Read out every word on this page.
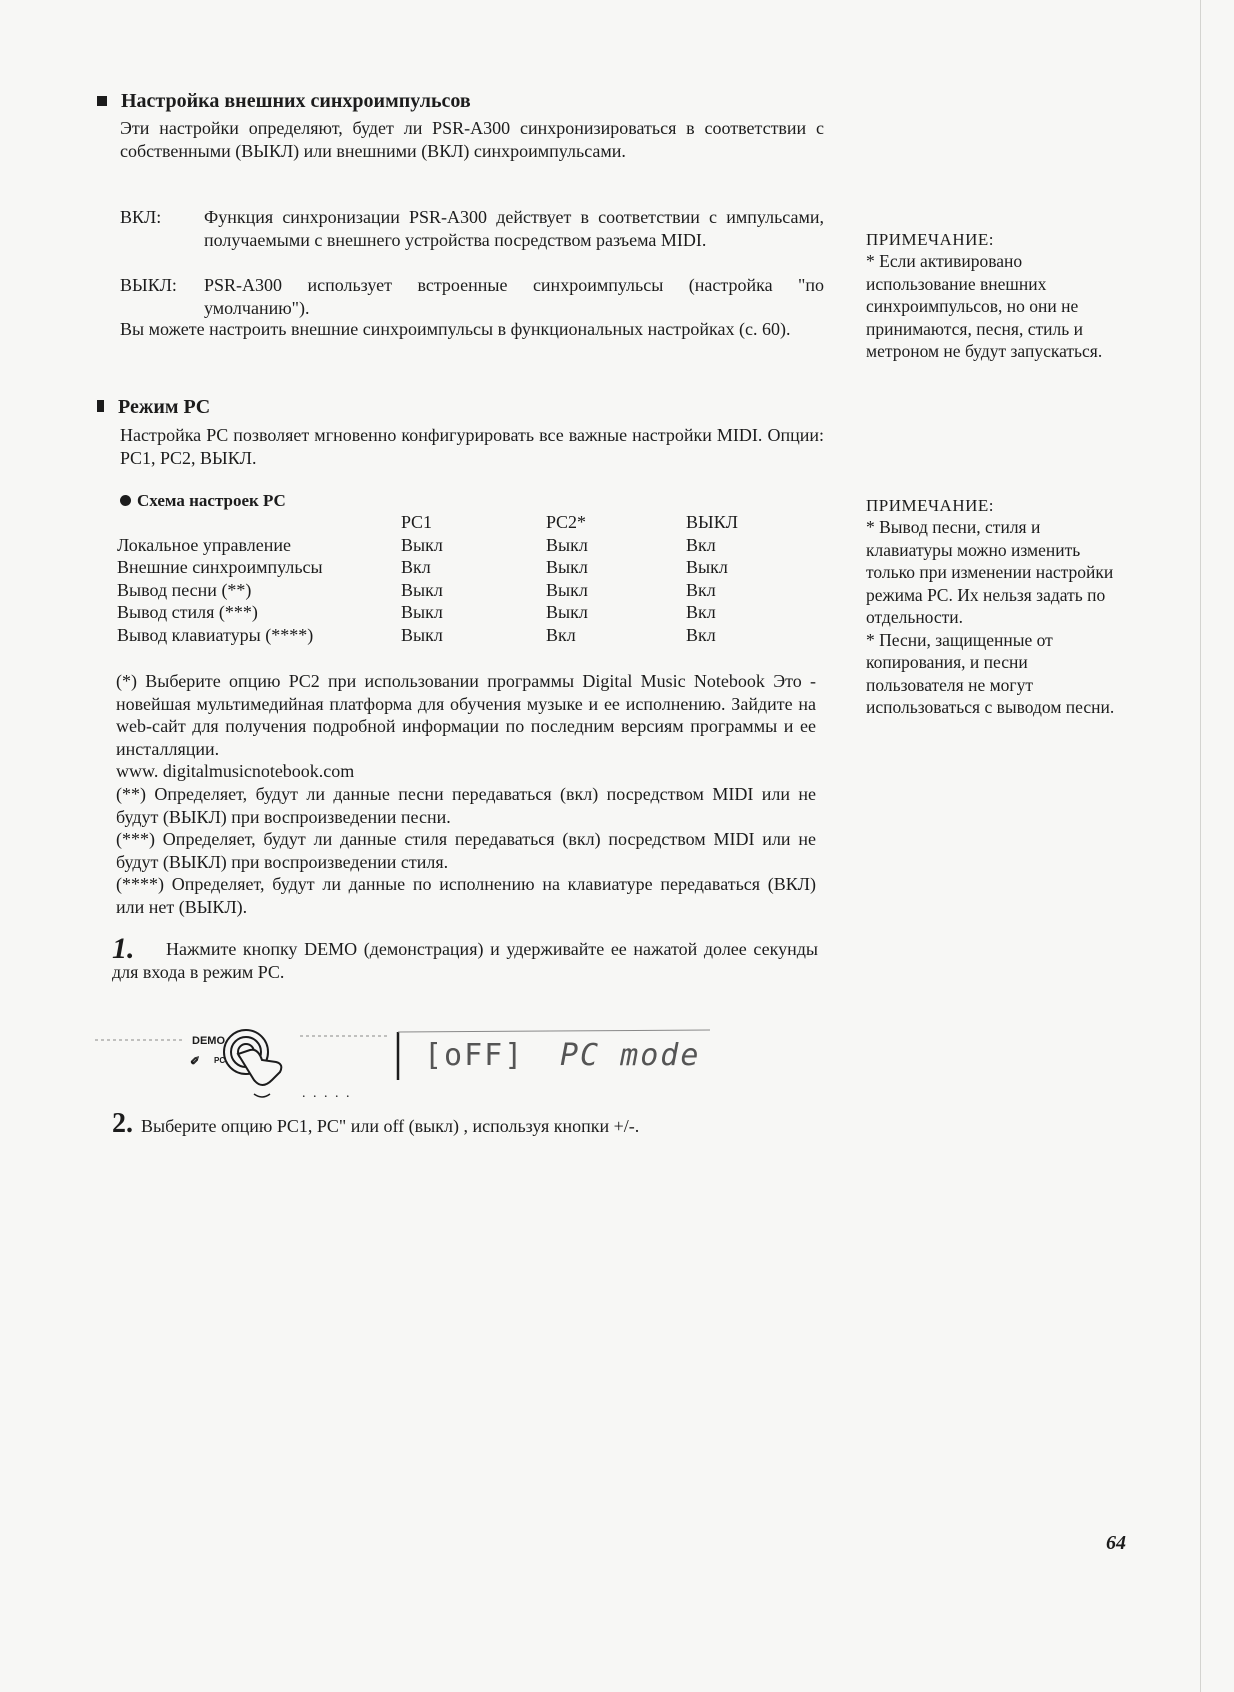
Настройка внешних синхроимпульсов

Эти настройки определяют, будет ли PSR-A300 синхронизироваться в соответствии с собственными (ВЫКЛ) или внешними (ВКЛ) синхроимпульсами.

ВКЛ: Функция синхронизации PSR-A300 действует в соответствии с импульсами, получаемыми с внешнего устройства посредством разъема MIDI.

ВЫКЛ: PSR-A300 использует встроенные синхроимпульсы (настройка "по умолчанию").

Вы можете настроить внешние синхроимпульсы в функциональных настройках (с. 60).

ПРИМЕЧАНИЕ:

* Если активировано использование внешних синхроимпульсов, но они не принимаются, песня, стиль и метроном не будут запускаться.

Режим PC

Настройка PC позволяет мгновенно конфигурировать все важные настройки MIDI. Опции: PC1, PC2, ВЫКЛ.

Схема настроек PC
	PC1	PC2*	ВЫКЛ
Локальное управление	Выкл	Выкл	Вкл
Внешние синхроимпульсы	Вкл	Выкл	Выкл
Вывод песни (**)	Выкл	Выкл	Вкл
Вывод стиля (***)	Выкл	Выкл	Вкл
Вывод клавиатуры (****)	Выкл	Вкл	Вкл

(*) Выберите опцию PC2 при использовании программы Digital Music Notebook Это - новейшая мультимедийная платформа для обучения музыке и ее исполнению. Зайдите на web-сайт для получения подробной информации по последним версиям программы и ее инсталляции.

www. digitalmusicnotebook.com

(**) Определяет, будут ли данные песни передаваться (вкл) посредством MIDI или не будут (ВЫКЛ) при воспроизведении песни.

(***) Определяет, будут ли данные стиля передаваться (вкл) посредством MIDI или не будут (ВЫКЛ) при воспроизведении стиля.

(****) Определяет, будут ли данные по исполнению на клавиатуре передаваться (ВКЛ) или нет (ВЫКЛ).

ПРИМЕЧАНИЕ:

* Вывод песни, стиля и клавиатуры можно изменить только при изменении настройки режима PC. Их нельзя задать по отдельности.

* Песни, защищенные от копирования, и песни пользователя не могут использоваться с выводом песни.

1.	Нажмите кнопку DEMO (демонстрация) и удерживайте ее нажатой долее секунды для входа в режим PC.

DEMO
PC
✐
. . . . .
[oFF] PC mode
2. Выберите опцию PC1, PC" или off (выкл) , используя кнопки +/-.
64
